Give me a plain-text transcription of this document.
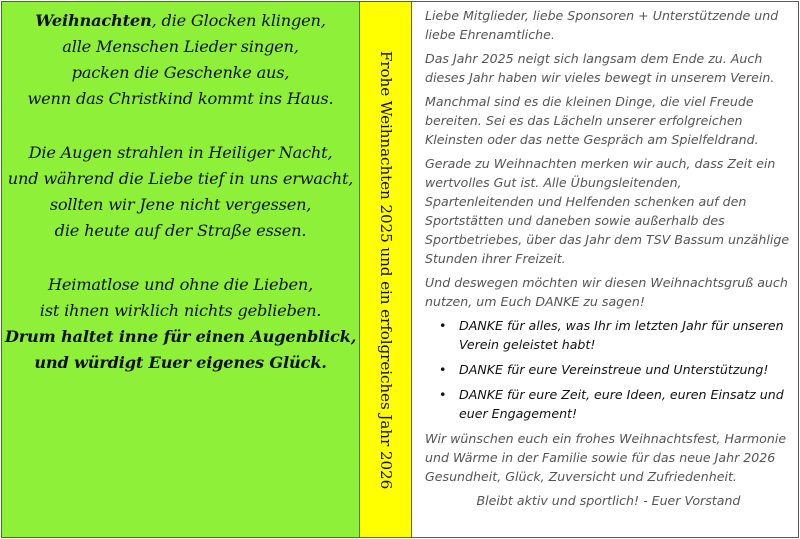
Weihnachten, die Glocken klingen,
alle Menschen Lieder singen,
packen die Geschenke aus,
wenn das Christkind kommt ins Haus.
Die Augen strahlen in Heiliger Nacht,
und während die Liebe tief in uns erwacht,
sollten wir Jene nicht vergessen,
die heute auf der Straße essen.
Heimatlose und ohne die Lieben,
ist ihnen wirklich nichts geblieben.
Drum haltet inne für einen Augenblick,
und würdigt Euer eigenes Glück.	Frohe Weihnachten 2025 und ein erfolgreiches Jahr 2026

Liebe Mitglieder, liebe Sponsoren + Unterstützende und liebe Ehrenamtliche.

Das Jahr 2025 neigt sich langsam dem Ende zu. Auch dieses Jahr haben wir vieles bewegt in unserem Verein.

Manchmal sind es die kleinen Dinge, die viel Freude bereiten. Sei es das Lächeln unserer erfolgreichen Kleinsten oder das nette Gespräch am Spielfeldrand.

Gerade zu Weihnachten merken wir auch, dass Zeit ein wertvolles Gut ist. Alle Übungsleitenden, Spartenleitenden und Helfenden schenken auf den Sportstätten und daneben sowie außerhalb des Sportbetriebes, über das Jahr dem TSV Bassum unzählige Stunden ihrer Freizeit.

Und deswegen möchten wir diesen Weihnachtsgruß auch nutzen, um Euch DANKE zu sagen!

• DANKE für alles, was Ihr im letzten Jahr für unseren Verein geleistet habt!
• DANKE für eure Vereinstreue und Unterstützung!
• DANKE für eure Zeit, eure Ideen, euren Einsatz und euer Engagement!

Wir wünschen euch ein frohes Weihnachtsfest, Harmonie und Wärme in der Familie sowie für das neue Jahr 2026 Gesundheit, Glück, Zuversicht und Zufriedenheit.

Bleibt aktiv und sportlich! - Euer Vorstand
